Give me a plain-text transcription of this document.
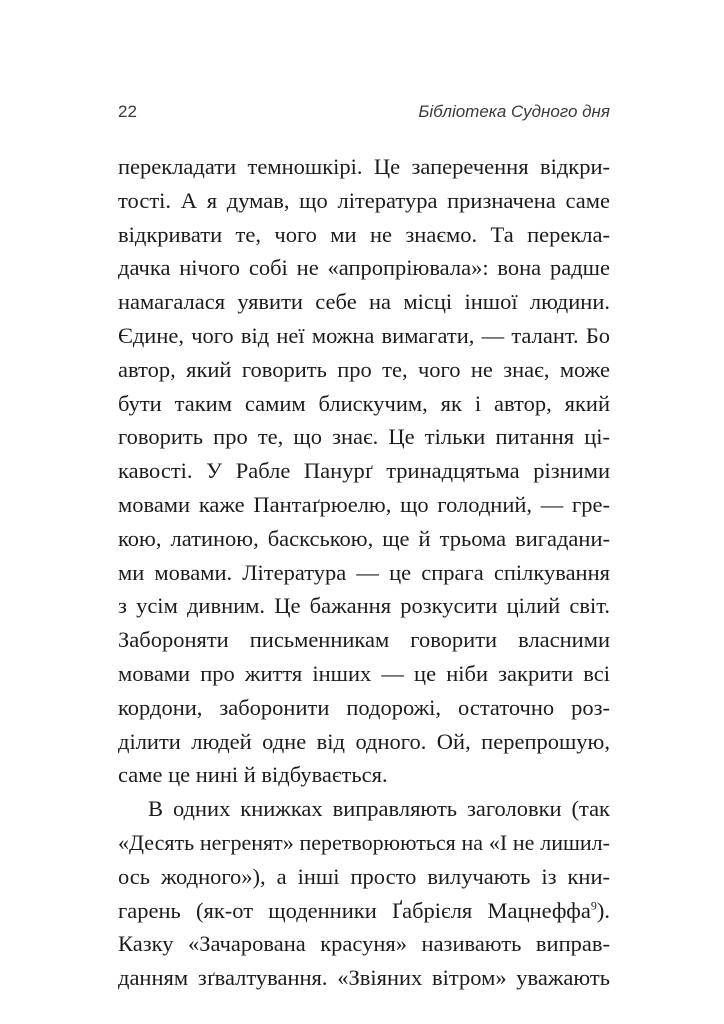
22	Бібліотека Судного дня
перекладати темношкірі. Це заперечення відкри-
тості. А я думав, що література призначена саме
відкривати те, чого ми не знаємо. Та перекла-
дачка нічого собі не «апропріювала»: вона радше
намагалася уявити себе на місці іншої людини.
Єдине, чого від неї можна вимагати, — талант. Бо
автор, який говорить про те, чого не знає, може
бути таким самим блискучим, як і автор, який
говорить про те, що знає. Це тільки питання ці-
кавості. У Рабле Панурґ тринадцятьма різними
мовами каже Пантаґрюелю, що голодний, — гре-
кою, латиною, баскською, ще й трьома вигадани-
ми мовами. Література — це спрага спілкування
з усім дивним. Це бажання розкусити цілий світ.
Забороняти письменникам говорити власними
мовами про життя інших — це ніби закрити всі
кордони, заборонити подорожі, остаточно роз-
ділити людей одне від одного. Ой, перепрошую,
саме це нині й відбувається.
В одних книжках виправляють заголовки (так
«Десять негренят» перетворюються на «І не лишил-
ось жодного»), а інші просто вилучають із кни-
гарень (як-от щоденники Ґабрієля Мацнеффа$^9$).
Казку «Зачарована красуня» називають виправ-
данням зґвалтування. «Звіяних вітром» уважають
